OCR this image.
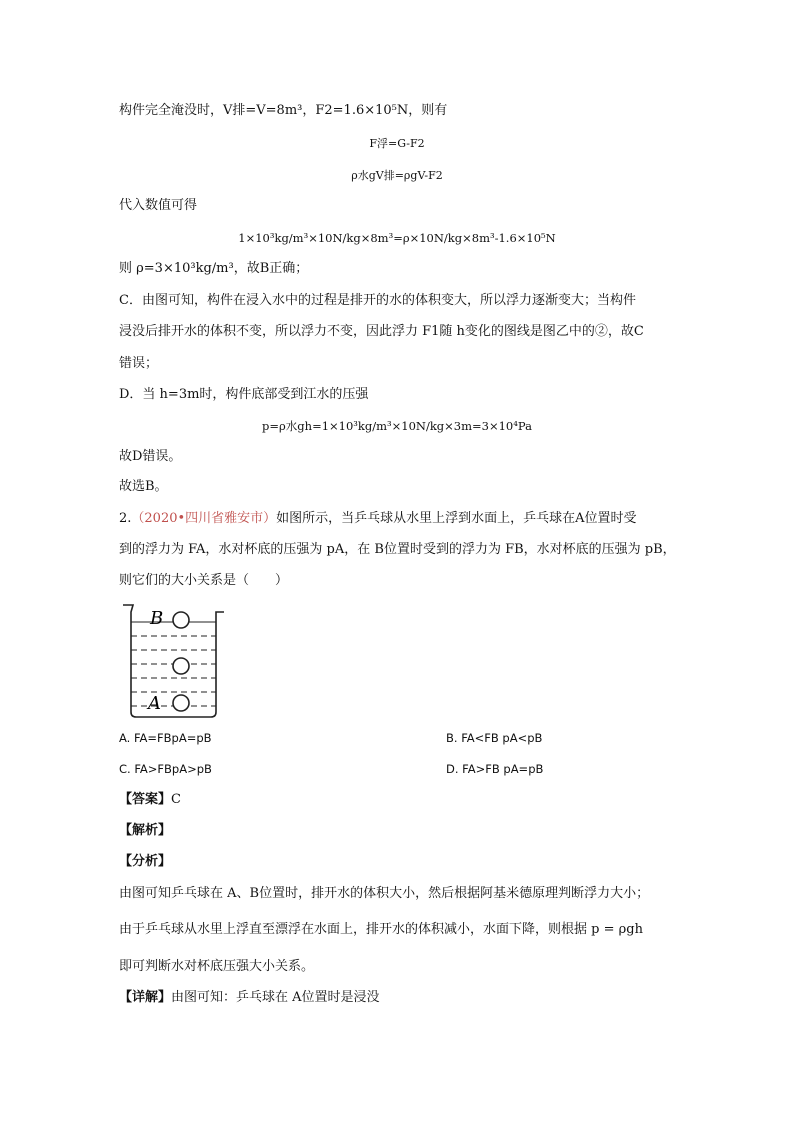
构件完全淹没时，V排=V=8m³，F2=1.6×10⁵N，则有
F浮=G-F2
ρ水gV排=ρgV-F2
代入数值可得
1×10³kg/m³×10N/kg×8m³=ρ×10N/kg×8m³-1.6×10⁵N
则 ρ=3×10³kg/m³，故B正确；
C．由图可知，构件在浸入水中的过程是排开的水的体积变大，所以浮力逐渐变大；当构件
浸没后排开水的体积不变，所以浮力不变，因此浮力 F1随 h变化的图线是图乙中的②，故C
错误；
D．当 h=3m时，构件底部受到江水的压强
p=ρ水gh=1×10³kg/m³×10N/kg×3m=3×10⁴Pa
故D错误。
故选B。
2.（2020•四川省雅安市）如图所示，当乒乓球从水里上浮到水面上，乒乓球在A位置时受
到的浮力为 FA，水对杯底的压强为 pA，在 B位置时受到的浮力为 FB，水对杯底的压强为 pB，
则它们的大小关系是（　　）
B
A
A. FA=FBpA=pB	B. FA<FB pA<pB
C. FA>FBpA>pB	D. FA>FB pA=pB
【答案】C
【解析】
【分析】
由图可知乒乓球在 A、B位置时，排开水的体积大小，然后根据阿基米德原理判断浮力大小；
由于乒乓球从水里上浮直至漂浮在水面上，排开水的体积减小，水面下降，则根据 p = ρgh
即可判断水对杯底压强大小关系。
【详解】由图可知：乒乓球在 A位置时是浸没
